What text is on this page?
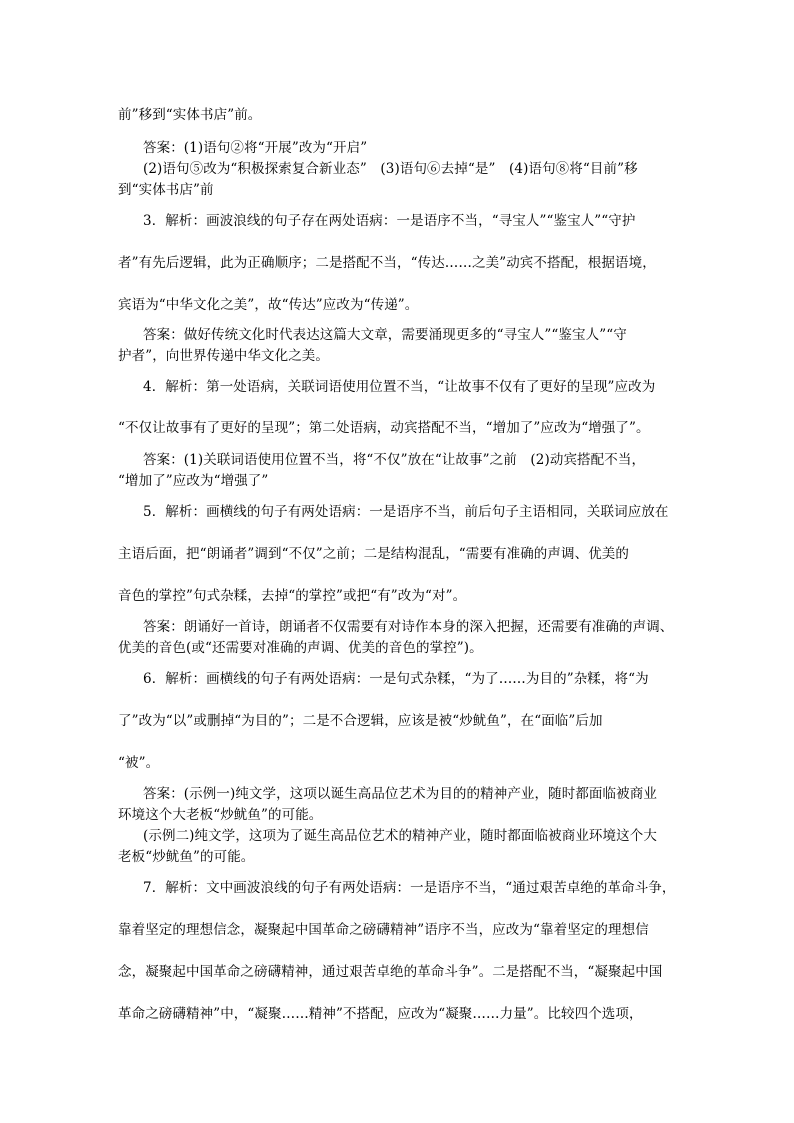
前”移到“实体书店”前。
答案：(1)语句②将“开展”改为“开启”
(2)语句⑤改为“积极探索复合新业态”　(3)语句⑥去掉“是”　(4)语句⑧将“目前”移
到“实体书店”前
3．解析：画波浪线的句子存在两处语病：一是语序不当，“寻宝人”“鉴宝人”“守护
者”有先后逻辑，此为正确顺序；二是搭配不当，“传达……之美”动宾不搭配，根据语境，
宾语为“中华文化之美”，故“传达”应改为“传递”。
答案：做好传统文化时代表达这篇大文章，需要涌现更多的“寻宝人”“鉴宝人”“守
护者”，向世界传递中华文化之美。
4．解析：第一处语病，关联词语使用位置不当，“让故事不仅有了更好的呈现”应改为
“不仅让故事有了更好的呈现”；第二处语病，动宾搭配不当，“增加了”应改为“增强了”。
答案：(1)关联词语使用位置不当，将“不仅”放在“让故事”之前　(2)动宾搭配不当，
“增加了”应改为“增强了”
5．解析：画横线的句子有两处语病：一是语序不当，前后句子主语相同，关联词应放在
主语后面，把“朗诵者”调到“不仅”之前；二是结构混乱，“需要有准确的声调、优美的
音色的掌控”句式杂糅，去掉“的掌控”或把“有”改为“对”。
答案：朗诵好一首诗，朗诵者不仅需要有对诗作本身的深入把握，还需要有准确的声调、
优美的音色(或“还需要对准确的声调、优美的音色的掌控”)。
6．解析：画横线的句子有两处语病：一是句式杂糅，“为了……为目的”杂糅，将“为
了”改为“以”或删掉“为目的”；二是不合逻辑，应该是被“炒鱿鱼”，在“面临”后加
“被”。
答案：(示例一)纯文学，这项以诞生高品位艺术为目的的精神产业，随时都面临被商业
环境这个大老板“炒鱿鱼”的可能。
(示例二)纯文学，这项为了诞生高品位艺术的精神产业，随时都面临被商业环境这个大
老板“炒鱿鱼”的可能。
7．解析：文中画波浪线的句子有两处语病：一是语序不当，“通过艰苦卓绝的革命斗争，
靠着坚定的理想信念，凝聚起中国革命之磅礴精神”语序不当，应改为“靠着坚定的理想信
念，凝聚起中国革命之磅礴精神，通过艰苦卓绝的革命斗争”。二是搭配不当，“凝聚起中国
革命之磅礴精神”中，“凝聚……精神”不搭配，应改为“凝聚……力量”。比较四个选项，
